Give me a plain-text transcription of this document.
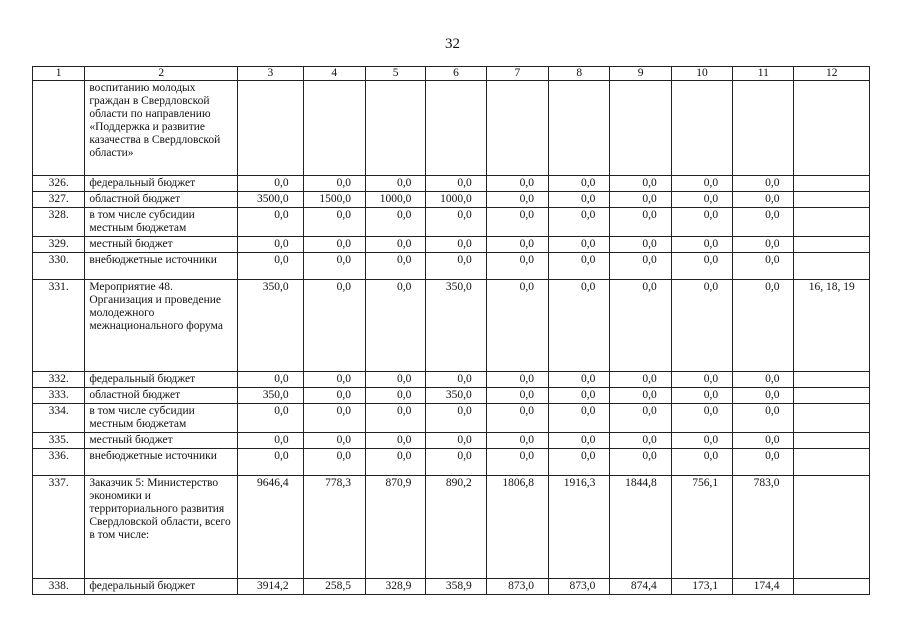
32
1	2	3	4	5	6	7	8	9	10	11	12
	воспитанию молодых граждан в Свердловской области по направлению «Поддержка и развитие казачества в Свердловской области»										
326.	федеральный бюджет	0,0	0,0	0,0	0,0	0,0	0,0	0,0	0,0	0,0	
327.	областной бюджет	3500,0	1500,0	1000,0	1000,0	0,0	0,0	0,0	0,0	0,0	
328.	в том числе субсидии местным бюджетам	0,0	0,0	0,0	0,0	0,0	0,0	0,0	0,0	0,0	
329.	местный бюджет	0,0	0,0	0,0	0,0	0,0	0,0	0,0	0,0	0,0	
330.	внебюджетные источники	0,0	0,0	0,0	0,0	0,0	0,0	0,0	0,0	0,0	
331.	Мероприятие 48. Организация и проведение молодежного межнационального форума	350,0	0,0	0,0	350,0	0,0	0,0	0,0	0,0	0,0	16, 18, 19
332.	федеральный бюджет	0,0	0,0	0,0	0,0	0,0	0,0	0,0	0,0	0,0	
333.	областной бюджет	350,0	0,0	0,0	350,0	0,0	0,0	0,0	0,0	0,0	
334.	в том числе субсидии местным бюджетам	0,0	0,0	0,0	0,0	0,0	0,0	0,0	0,0	0,0	
335.	местный бюджет	0,0	0,0	0,0	0,0	0,0	0,0	0,0	0,0	0,0	
336.	внебюджетные источники	0,0	0,0	0,0	0,0	0,0	0,0	0,0	0,0	0,0	
337.	Заказчик 5: Министерство экономики и территориального развития Свердловской области, всего в том числе:	9646,4	778,3	870,9	890,2	1806,8	1916,3	1844,8	756,1	783,0	
338.	федеральный бюджет	3914,2	258,5	328,9	358,9	873,0	873,0	874,4	173,1	174,4	
